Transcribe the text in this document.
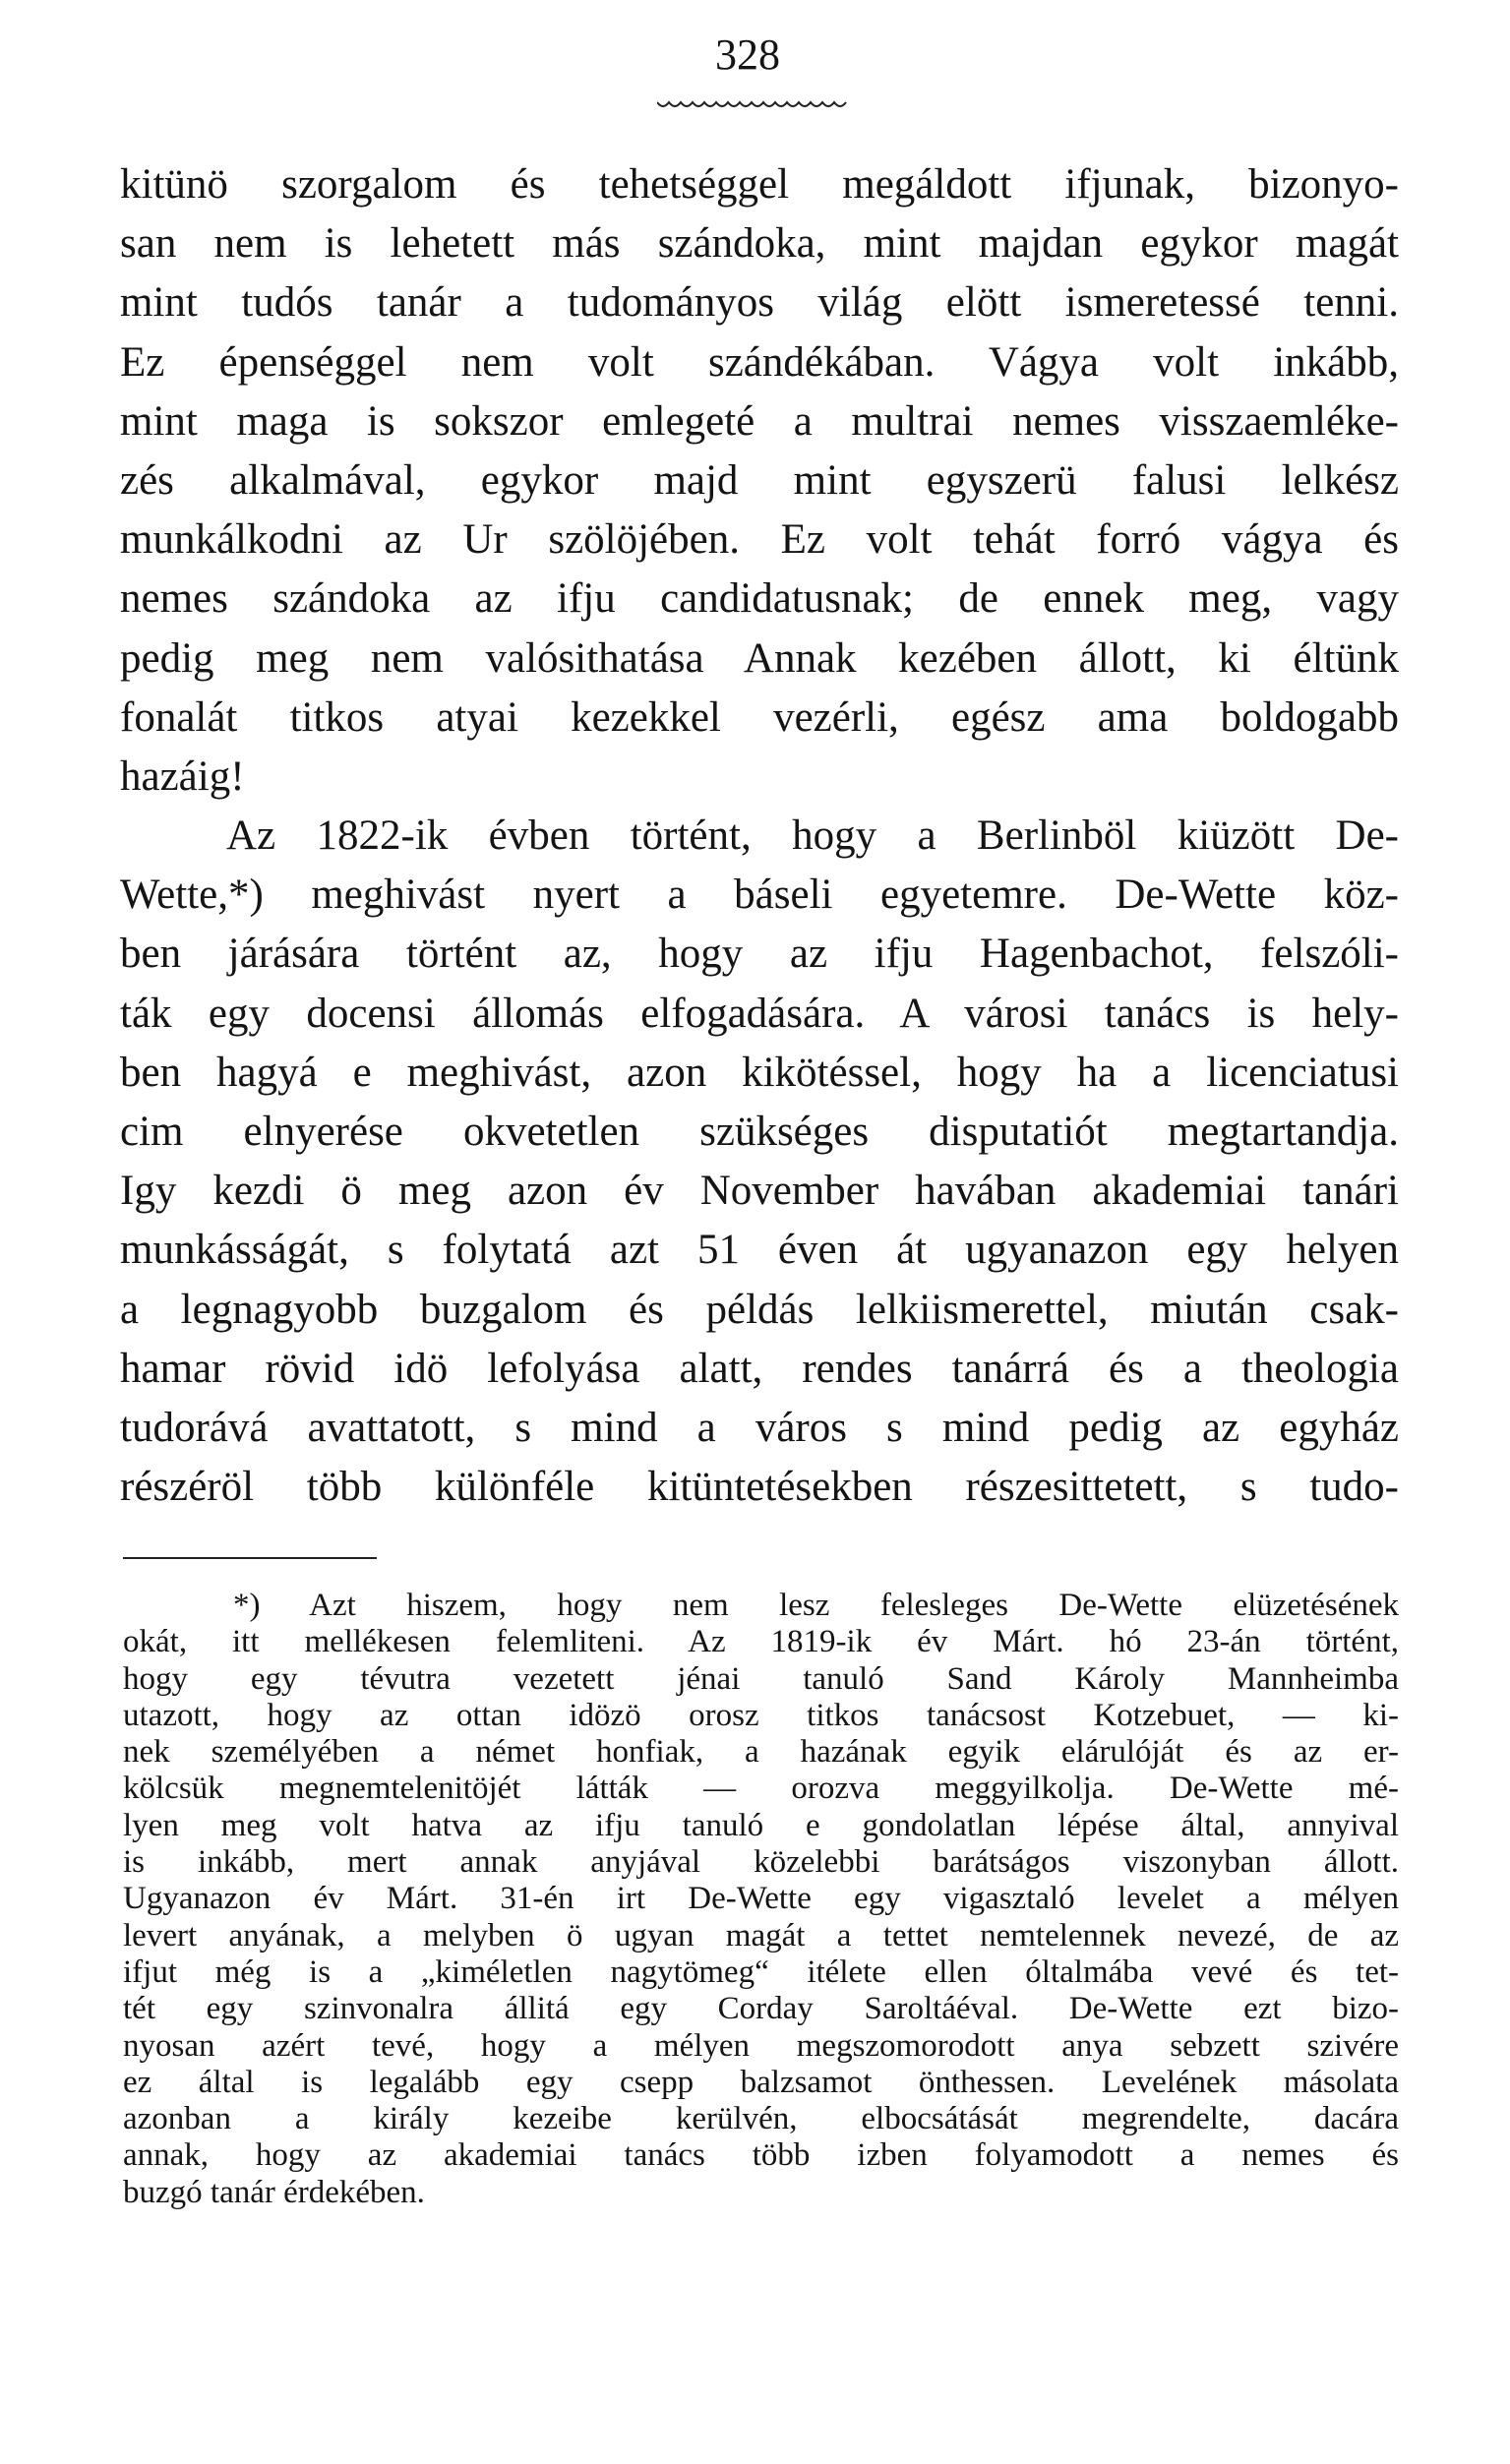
328
kitünö szorgalom és tehetséggel megáldott ifjunak, bizonyo-
san nem is lehetett más szándoka, mint majdan egykor magát
mint tudós tanár a tudományos világ elött ismeretessé tenni.
Ez épenséggel nem volt szándékában. Vágya volt inkább,
mint maga is sokszor emlegeté a multrai nemes visszaemléke-
zés alkalmával, egykor majd mint egyszerü falusi lelkész
munkálkodni az Ur szölöjében. Ez volt tehát forró vágya és
nemes szándoka az ifju candidatusnak; de ennek meg, vagy
pedig meg nem valósithatása Annak kezében állott, ki éltünk
fonalát titkos atyai kezekkel vezérli, egész ama boldogabb
hazáig!
Az 1822-ik évben történt, hogy a Berlinböl kiüzött De-
Wette,*) meghivást nyert a báseli egyetemre. De-Wette köz-
ben járására történt az, hogy az ifju Hagenbachot, felszóli-
ták egy docensi állomás elfogadására. A városi tanács is hely-
ben hagyá e meghivást, azon kikötéssel, hogy ha a licenciatusi
cim elnyerése okvetetlen szükséges disputatiót megtartandja.
Igy kezdi ö meg azon év November havában akademiai tanári
munkásságát, s folytatá azt 51 éven át ugyanazon egy helyen
a legnagyobb buzgalom és példás lelkiismerettel, miután csak-
hamar rövid idö lefolyása alatt, rendes tanárrá és a theologia
tudorává avattatott, s mind a város s mind pedig az egyház
részéröl több különféle kitüntetésekben részesittetett, s tudo-
*) Azt hiszem, hogy nem lesz felesleges De-Wette elüzetésének
okát, itt mellékesen felemliteni. Az 1819-ik év Márt. hó 23-án történt,
hogy egy tévutra vezetett jénai tanuló Sand Károly Mannheimba
utazott, hogy az ottan idözö orosz titkos tanácsost Kotzebuet, — ki-
nek személyében a német honfiak, a hazának egyik elárulóját és az er-
kölcsük megnemtelenitöjét látták — orozva meggyilkolja. De-Wette mé-
lyen meg volt hatva az ifju tanuló e gondolatlan lépése által, annyival
is inkább, mert annak anyjával közelebbi barátságos viszonyban állott.
Ugyanazon év Márt. 31-én irt De-Wette egy vigasztaló levelet a mélyen
levert anyának, a melyben ö ugyan magát a tettet nemtelennek nevezé, de az
ifjut még is a „kiméletlen nagytömeg“ itélete ellen óltalmába vevé és tet-
tét egy szinvonalra állitá egy Corday Saroltáéval. De-Wette ezt bizo-
nyosan azért tevé, hogy a mélyen megszomorodott anya sebzett szivére
ez által is legalább egy csepp balzsamot önthessen. Levelének másolata
azonban a király kezeibe kerülvén, elbocsátását megrendelte, dacára
annak, hogy az akademiai tanács több izben folyamodott a nemes és
buzgó tanár érdekében.
